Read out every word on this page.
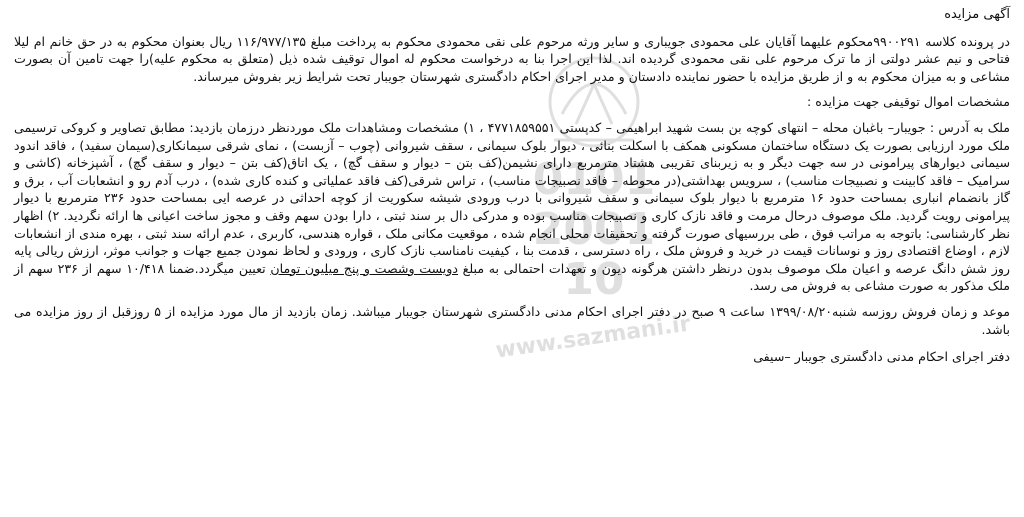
0101
2001
10
www.sazmani.ir
آگهی مزایده

در پرونده کلاسه ۹۹۰۰۲۹۱محکوم علیهما آقایان علی محمودی جویباری و سایر ورثه مرحوم علی نقی محمودی محکوم به پرداخت مبلغ ۱۱۶/۹۷۷/۱۳۵ ریال بعنوان محکوم به در حق خانم ام لیلا فتاحی و نیم عشر دولتی از ما ترک مرحوم علی نقی محمودی گردیده اند. لذا این اجرا بنا به درخواست محکوم له اموال توقیف شده ذیل (متعلق به محکوم علیه)را جهت تامین آن بصورت مشاعی و به میزان محکوم به و از طریق مزایده با حضور نماینده دادستان و مدیر اجرای احکام دادگستری شهرستان جویبار تحت شرایط زیر بفروش میرساند.

مشخصات اموال توقیفی جهت مزایده :

ملک به آدرس : جویبار– باغبان محله – انتهای کوچه بن بست شهید ابراهیمی – کدپستی ۴۷۷۱۸۵۹۵۵۱ ، ۱) مشخصات ومشاهدات ملک موردنظر درزمان بازدید: مطابق تصاویر و کروکی ترسیمی ملک مورد ارزیابی بصورت یک دستگاه ساختمان مسکونی همکف با اسکلت بنائی ، دیوار بلوک سیمانی ، سقف شیروانی (چوب – آزبست) ، نمای شرقی سیمانکاری(سیمان سفید) ، فاقد اندود سیمانی دیوارهای پیرامونی در سه جهت دیگر و به زیربنای تقریبی هشتاد مترمربع دارای نشیمن(کف بتن – دیوار و سقف گچ) ، یک اتاق(کف بتن – دیوار و سقف گچ) ، آشپزخانه (کاشی و سرامیک – فاقد کابینت و نصبیجات مناسب) ، سرویس بهداشتی(در محوطه – فاقد نصبیجات مناسب) ، تراس شرقی(کف فاقد عملیاتی و کنده کاری شده) ، درب آدم رو و انشعابات آب ، برق و گاز بانضمام انباری بمساحت حدود ۱۶ مترمربع با دیوار بلوک سیمانی و سقف شیروانی با درب ورودی شیشه سکوریت از کوچه احداثی در عرصه ایی بمساحت حدود ۲۳۶ مترمربع با دیوار پیرامونی رویت گردید. ملک موصوف درحال مرمت و فاقد نازک کاری و نصبیجات مناسب بوده و مدرکی دال بر سند ثبتی ، دارا بودن سهم وقف و مجوز ساخت اعیانی ها ارائه نگردید. ۲) اظهار نظر کارشناسی: باتوجه به مراتب فوق ، طی بررسیهای صورت گرفته و تحقیقات محلی انجام شده ، موقعیت مکانی ملک ، قواره هندسی، کاربری ، عدم ارائه سند ثبتی ، بهره مندی از انشعابات لازم ، اوضاع اقتصادی روز و نوسانات قیمت در خرید و فروش ملک ، راه دسترسی ، قدمت بنا ، کیفیت نامناسب نازک کاری ، ورودی و لحاظ نمودن جمیع جهات و جوانب موثر، ارزش ریالی پایه روز شش دانگ عرصه و اعیان ملک موصوف بدون درنظر داشتن هرگونه دیون و تعهدات احتمالی به مبلغ دویست وشصت و پنج میلیون تومان تعیین میگردد.ضمنا ۱۰/۴۱۸ سهم از ۲۳۶ سهم از ملک مذکور به صورت مشاعی به فروش می رسد.

موعد و زمان فروش روزسه شنبه۱۳۹۹/۰۸/۲۰ ساعت ۹ صبح در دفتر اجرای احکام مدنی دادگستری شهرستان جویبار میباشد. زمان بازدید از مال مورد مزایده از ۵ روزقبل از روز مزایده می باشد.

دفتر اجرای احکام مدنی دادگستری جویبار –سیفی
